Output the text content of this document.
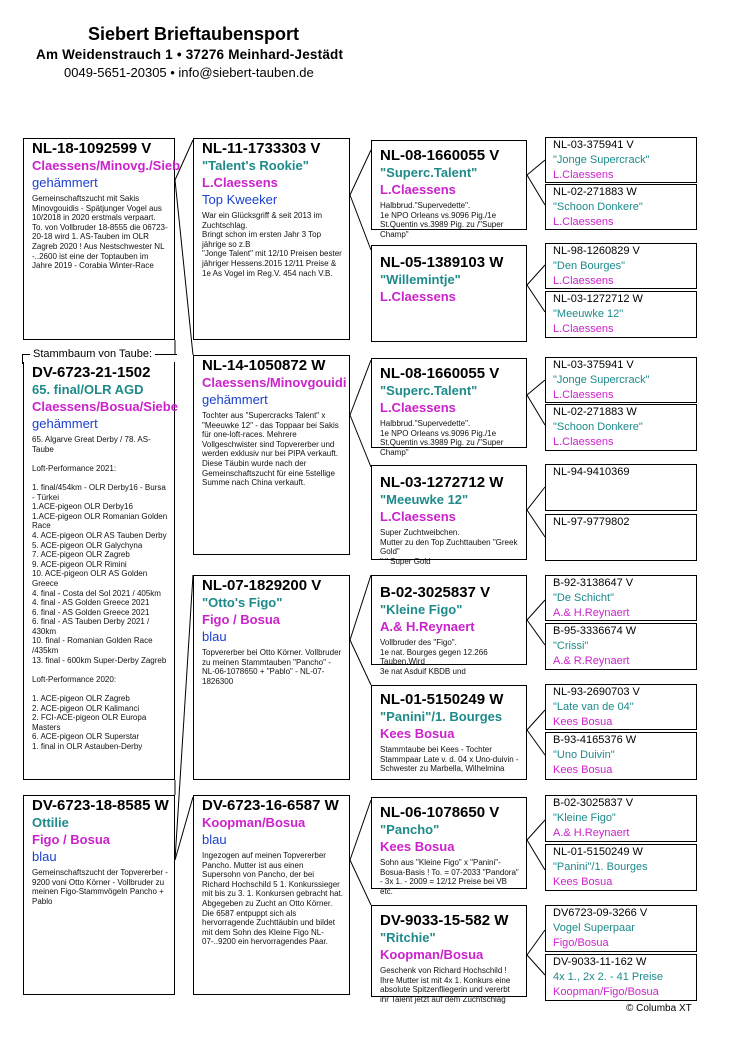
Siebert Brieftaubensport
Am Weidenstrauch 1 • 37276 Meinhard-Jestädt
0049-5651-20305 • info@siebert-tauben.de
NL-18-1092599 V
Claessens/Minovg./Sieb
gehämmert
Gemeinschaftszucht mit Sakis Minovgouidis - Spätjunger Vogel aus 10/2018 in 2020 erstmals verpaart.
To. von Vollbruder 18-8555 die 06723-20-18 wird 1. AS-Tauben im OLR Zagreb 2020 ! Aus Nestschwester NL -..2600 ist eine der Toptauben im Jahre 2019 - Corabia Winter-Race
Stammbaum von Taube:
DV-6723-21-1502
65. final/OLR AGD
Claessens/Bosua/Siebe
gehämmert
65. Algarve Great Derby / 78. AS-Taube

Loft-Performance 2021:

1. final/454km - OLR Derby16 - Bursa - Türkei
1.ACE-pigeon OLR Derby16
1.ACE-pigeon OLR Romanian Golden Race
4. ACE-pigeon OLR AS Tauben Derby
5. ACE-pigeon OLR Galychyna
7. ACE-pigeon OLR Zagreb
9. ACE-pigeon OLR Rimini
10. ACE-pigeon OLR AS Golden Greece
4. final - Costa del Sol 2021 / 405km
4. final - AS Golden Greece 2021
6. final - AS Golden Greece 2021
6. final - AS Tauben Derby 2021 / 430km
10. final - Romanian Golden Race /435km
13. final - 600km Super-Derby Zagreb

Loft-Performance 2020:

1. ACE-pigeon OLR Zagreb
2. ACE-pigeon OLR Kalimanci
2. FCI-ACE-pigeon OLR Europa Masters
6. ACE-pigeon OLR Superstar
1. final in OLR Astauben-Derby
DV-6723-18-8585 W
Ottilie
Figo / Bosua
blau
Gemeinschaftszucht der Topvererber - 9200 voni Otto Körner - Vollbruder zu meinen Figo-Stammvögeln Pancho + Pablo
NL-11-1733303 V
"Talent's Rookie"
L.Claessens
Top Kweeker
War ein Glücksgriff & seit 2013 im Zuchtschlag.
Bringt schon im ersten Jahr 3 Top jährige so z.B
"Jonge Talent" mit 12/10 Preisen bester jähriger Hessens.2015 12/11 Preise & 1e As Vogel im Reg.V. 454 nach V.B.
NL-14-1050872 W
Claessens/Minovgouidi
gehämmert
Tochter aus "Supercracks Talent" x "Meeuwke 12" - das Toppaar bei Sakis für one-loft-races. Mehrere Vollgeschwister sind Topvererber und werden exklusiv nur bei PIPA verkauft. Diese Täubin wurde nach der Gemeinschaftszucht für eine 5stellige Summe nach China verkauft.
NL-07-1829200 V
"Otto's Figo"
Figo / Bosua
blau
Topvererber bei Otto Körner. Vollbruder zu meinen Stammtauben "Pancho" - NL-06-1078650 + "Pablo" - NL-07-1826300
DV-6723-16-6587 W
Koopman/Bosua
blau
Ingezogen auf meinen Topvererber Pancho. Mutter ist aus einen Supersohn von Pancho, der bei Richard Hochschild 5 1. Konkurssieger mit bis zu 3. 1. Konkursen gebracht hat. Abgegeben zu Zucht an Otto Körner. Die 6587 entpuppt sich als hervorragende Zuchttäubin und bildet mit dem Sohn des Kleine Figo NL-07-..9200 ein hervorragendes Paar.
NL-08-1660055 V
"Superc.Talent"
L.Claessens
Halbbrud."Supervedette".
1e NPO Orleans vs.9096 Pig./1e St.Quentin vs.3989 Pig. zu /"Super Champ"
NL-05-1389103 W
"Willemintje"
L.Claessens
NL-08-1660055 V
"Superc.Talent"
L.Claessens
Halbbrud."Supervedette".
1e NPO Orleans vs.9096 Pig./1e St.Quentin vs.3989 Pig. zu /"Super Champ"
NL-03-1272712 W
"Meeuwke 12"
L.Claessens
Super Zuchtweibchen.
Mutter zu den Top Zuchttauben "Greek Gold"
" " Super Gold
B-02-3025837 V
"Kleine Figo"
A.& H.Reynaert
Vollbruder des "Figo".
1e nat. Bourges gegen 12.266 Tauben.Wird
3e nat Asduif KBDB und
NL-01-5150249 W
"Panini"/1. Bourges
Kees Bosua
Stammtaube bei Kees - Tochter Stammpaar Late v. d. 04 x Uno-duivin - Schwester zu Marbella, Wilhelmina
NL-06-1078650 V
"Pancho"
Kees Bosua
Sohn aus "Kleine Figo" x "Panini"- Bosua-Basis ! To. = 07-2033 "Pandora" - 3x 1. - 2009 = 12/12 Preise bei VB etc.
DV-9033-15-582 W
"Ritchie"
Koopman/Bosua
Geschenk von Richard Hochschild ! Ihre Mutter ist mit 4x 1. Konkurs eine absolute Spitzenfliegerin und vererbt ihr Talent jetzt auf dem Zuchtschlag
NL-03-375941 V
"Jonge Supercrack"
L.Claessens
NL-02-271883 W
"Schoon Donkere"
L.Claessens
NL-98-1260829 V
"Den Bourges"
L.Claessens
NL-03-1272712 W
"Meeuwke 12"
L.Claessens
NL-03-375941 V
"Jonge Supercrack"
L.Claessens
NL-02-271883 W
"Schoon Donkere"
L.Claessens
NL-94-9410369
NL-97-9779802
B-92-3138647 V
"De Schicht"
A.& H.Reynaert
B-95-3336674 W
"Crissi"
A.& R.Reynaert
NL-93-2690703 V
"Late van de 04"
Kees Bosua
B-93-4165376 W
"Uno Duivin"
Kees Bosua
B-02-3025837 V
"Kleine Figo"
A.& H.Reynaert
NL-01-5150249 W
"Panini"/1. Bourges
Kees Bosua
DV6723-09-3266 V
Vogel Superpaar
Figo/Bosua
DV-9033-11-162 W
4x 1., 2x 2. - 41 Preise
Koopman/Figo/Bosua
© Columba XT
